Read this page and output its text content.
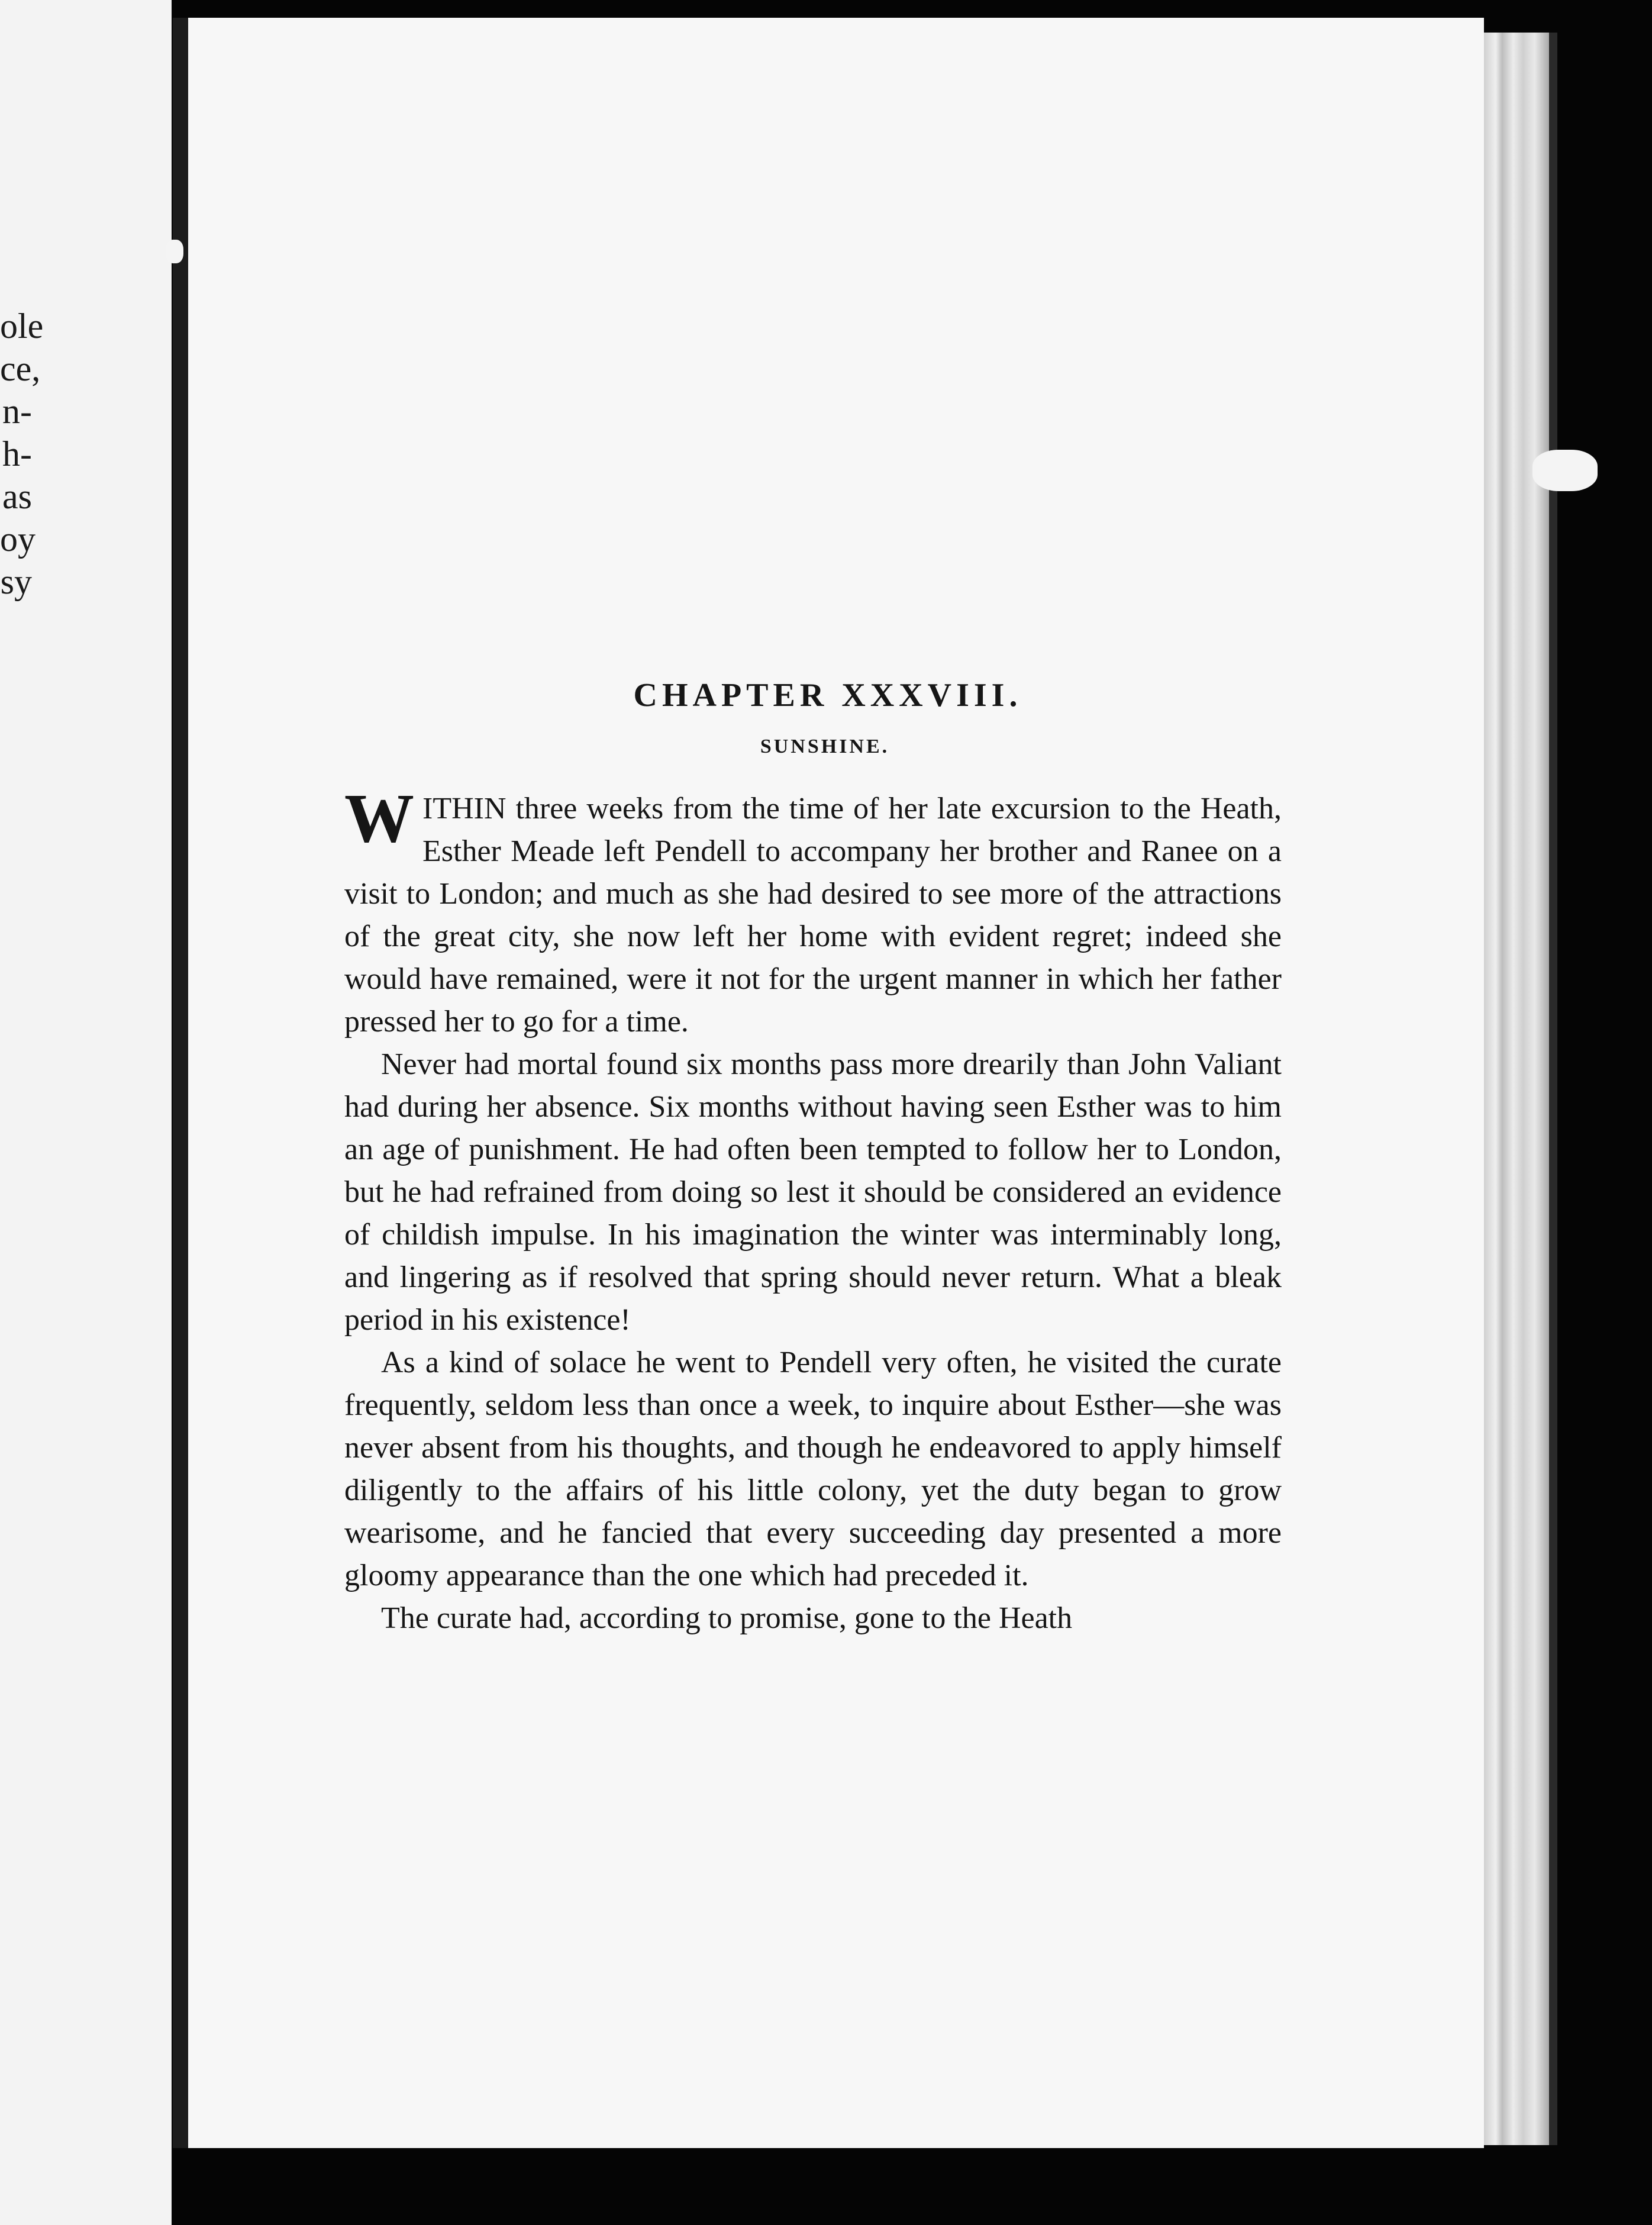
ole
ce,
n-
h-
as
oy
sy
CHAPTER XXXVIII.
SUNSHINE.

WITHIN three weeks from the time of her late excursion to the Heath, Esther Meade left Pendell to accompany her brother and Ranee on a visit to London; and much as she had desired to see more of the attractions of the great city, she now left her home with evident regret; indeed she would have remained, were it not for the urgent manner in which her father pressed her to go for a time.

Never had mortal found six months pass more drearily than John Valiant had during her absence. Six months without having seen Esther was to him an age of punishment. He had often been tempted to follow her to London, but he had refrained from doing so lest it should be considered an evidence of childish impulse. In his imagination the winter was interminably long, and lingering as if resolved that spring should never return. What a bleak period in his existence!

As a kind of solace he went to Pendell very often, he visited the curate frequently, seldom less than once a week, to inquire about Esther—she was never absent from his thoughts, and though he endeavored to apply himself diligently to the affairs of his little colony, yet the duty began to grow wearisome, and he fancied that every succeeding day presented a more gloomy appearance than the one which had preceded it.

The curate had, according to promise, gone to the Heath
